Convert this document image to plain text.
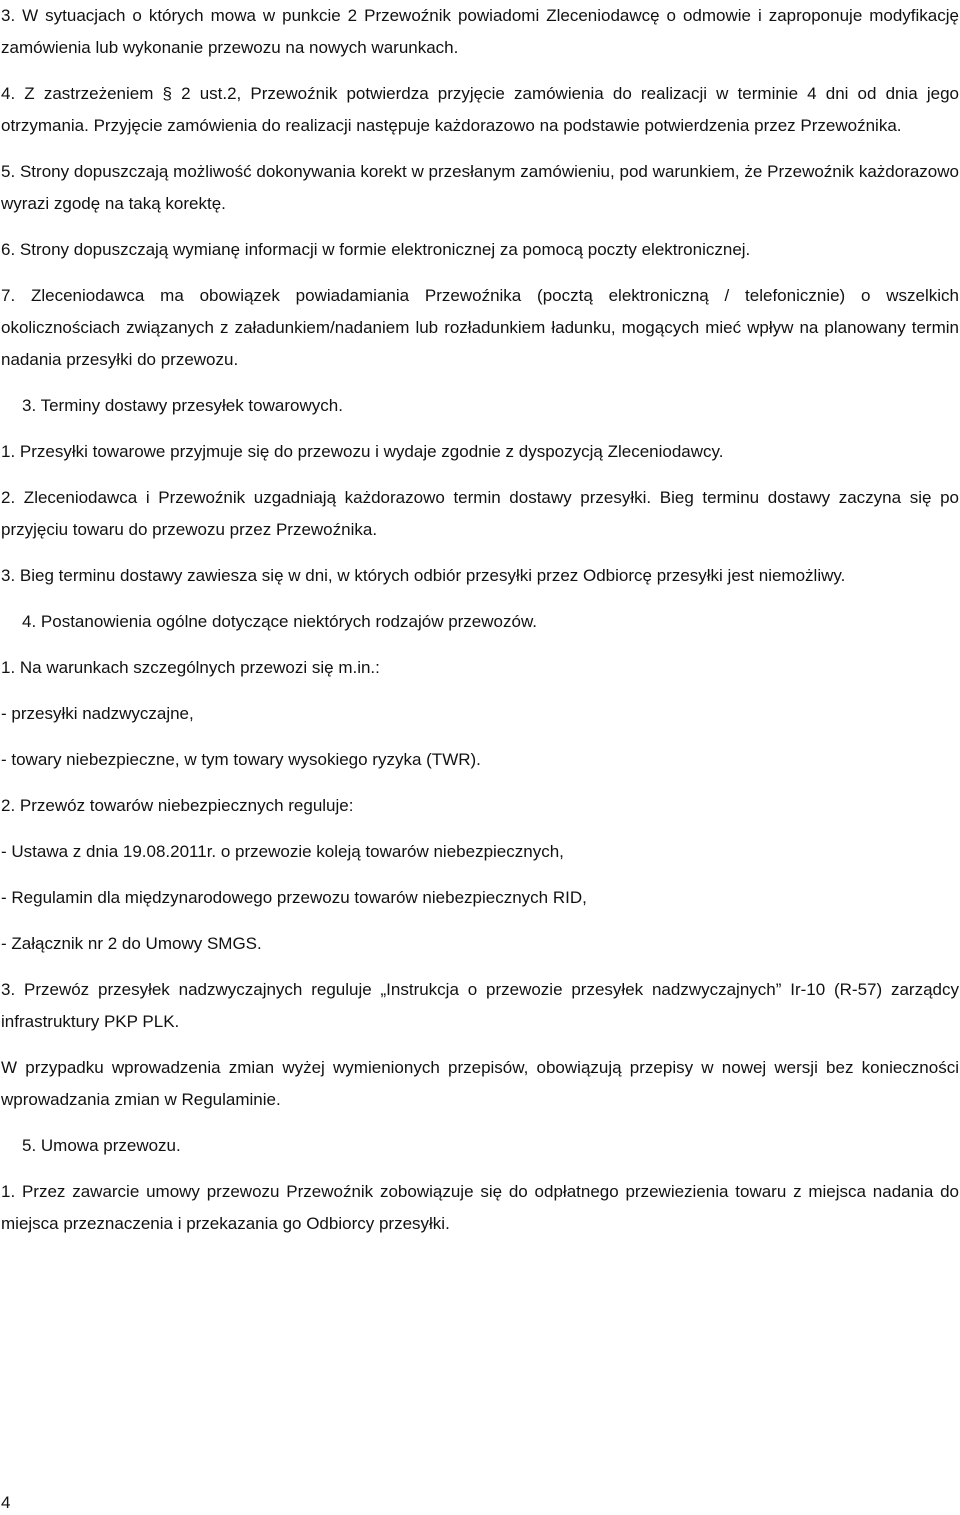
3. W sytuacjach o których mowa w punkcie 2 Przewoźnik powiadomi Zleceniodawcę o odmowie i zaproponuje modyfikację zamówienia lub wykonanie przewozu na nowych warunkach.

4. Z zastrzeżeniem § 2 ust.2, Przewoźnik potwierdza przyjęcie zamówienia do realizacji w terminie 4 dni od dnia jego otrzymania. Przyjęcie zamówienia do realizacji następuje każdorazowo na podstawie potwierdzenia przez Przewoźnika.

5. Strony dopuszczają możliwość dokonywania korekt w przesłanym zamówieniu, pod warunkiem, że Przewoźnik każdorazowo wyrazi zgodę na taką korektę.

6. Strony dopuszczają wymianę informacji w formie elektronicznej za pomocą poczty elektronicznej.

7. Zleceniodawca ma obowiązek powiadamiania Przewoźnika (pocztą elektroniczną / telefonicznie) o wszelkich okolicznościach związanych z załadunkiem/nadaniem lub rozładunkiem ładunku, mogących mieć wpływ na planowany termin nadania przesyłki do przewozu.

3. Terminy dostawy przesyłek towarowych.

1. Przesyłki towarowe przyjmuje się do przewozu i wydaje zgodnie z dyspozycją Zleceniodawcy.

2. Zleceniodawca i Przewoźnik uzgadniają każdorazowo termin dostawy przesyłki. Bieg terminu dostawy zaczyna się po przyjęciu towaru do przewozu przez Przewoźnika.

3. Bieg terminu dostawy zawiesza się w dni, w których odbiór przesyłki przez Odbiorcę przesyłki jest niemożliwy.

4. Postanowienia ogólne dotyczące niektórych rodzajów przewozów.

1. Na warunkach szczególnych przewozi się m.in.:

- przesyłki nadzwyczajne,

- towary niebezpieczne, w tym towary wysokiego ryzyka (TWR).

2. Przewóz towarów niebezpiecznych reguluje:

- Ustawa z dnia 19.08.2011r. o przewozie koleją towarów niebezpiecznych,

- Regulamin dla międzynarodowego przewozu towarów niebezpiecznych RID,

- Załącznik nr 2 do Umowy SMGS.

3. Przewóz przesyłek nadzwyczajnych reguluje „Instrukcja o przewozie przesyłek nadzwyczajnych” Ir-10 (R-57) zarządcy infrastruktury PKP PLK.

W przypadku wprowadzenia zmian wyżej wymienionych przepisów, obowiązują przepisy w nowej wersji bez konieczności wprowadzania zmian w Regulaminie.

5. Umowa przewozu.

1. Przez zawarcie umowy przewozu Przewoźnik zobowiązuje się do odpłatnego przewiezienia towaru z miejsca nadania do miejsca przeznaczenia i przekazania go Odbiorcy przesyłki.

4
